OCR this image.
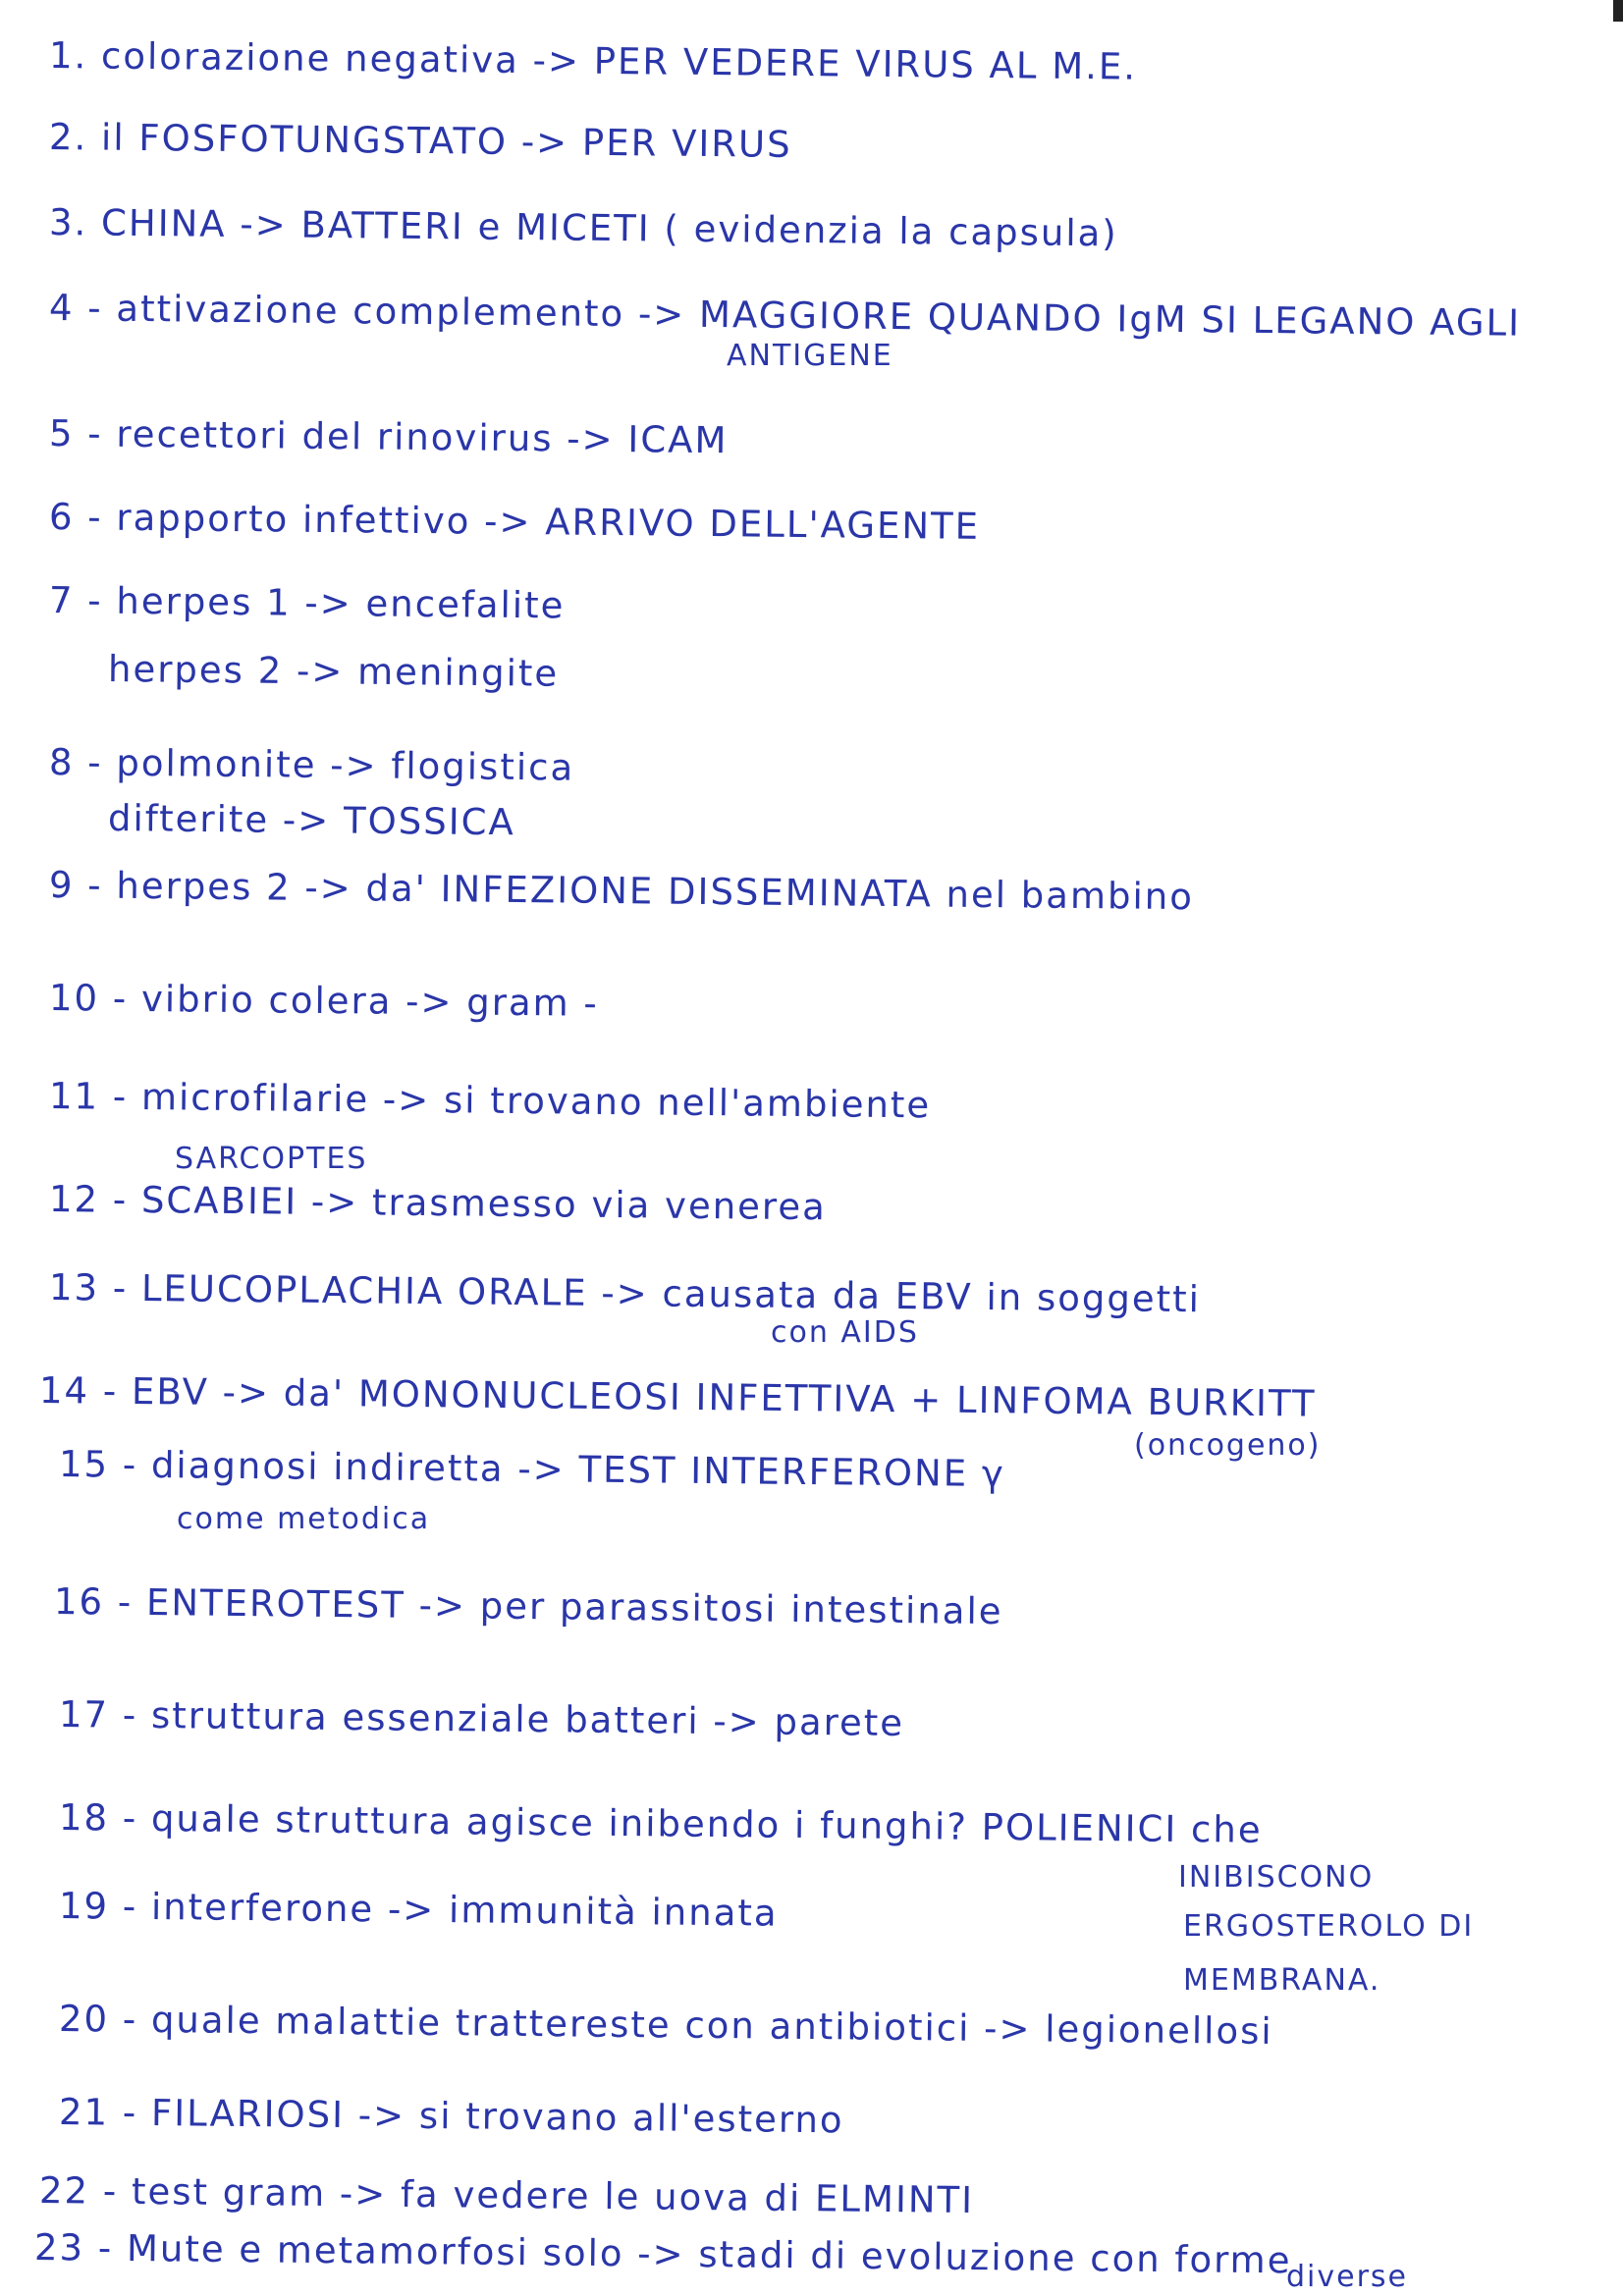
1. colorazione negativa -> PER VEDERE VIRUS AL M.E.
2. il FOSFOTUNGSTATO -> PER VIRUS
3. CHINA -> BATTERI e MICETI ( evidenzia la capsula)
4 - attivazione complemento -> MAGGIORE QUANDO IgM SI LEGANO AGLI
ANTIGENE
5 - recettori del rinovirus -> ICAM
6 - rapporto infettivo -> ARRIVO DELL'AGENTE
7 - herpes 1 -> encefalite
herpes 2 -> meningite
8 - polmonite -> flogistica
difterite -> TOSSICA
9 - herpes 2 -> da' INFEZIONE DISSEMINATA nel bambino
10 - vibrio colera -> gram -
11 - microfilarie -> si trovano nell'ambiente
SARCOPTES
12 - SCABIEI -> trasmesso via venerea
13 - LEUCOPLACHIA ORALE -> causata da EBV in soggetti
con AIDS
14 - EBV -> da' MONONUCLEOSI INFETTIVA + LINFOMA BURKITT
(oncogeno)
15 - diagnosi indiretta -> TEST INTERFERONE γ
come metodica
16 - ENTEROTEST -> per parassitosi intestinale
17 - struttura essenziale batteri -> parete
18 - quale struttura agisce inibendo i funghi? POLIENICI che
INIBISCONO
19 - interferone -> immunità innata	ERGOSTEROLO DI
MEMBRANA.
20 - quale malattie trattereste con antibiotici -> legionellosi
21 - FILARIOSI -> si trovano all'esterno
22 - test gram -> fa vedere le uova di ELMINTI
23 - Mute e metamorfosi solo -> stadi di evoluzione con forme
diverse
